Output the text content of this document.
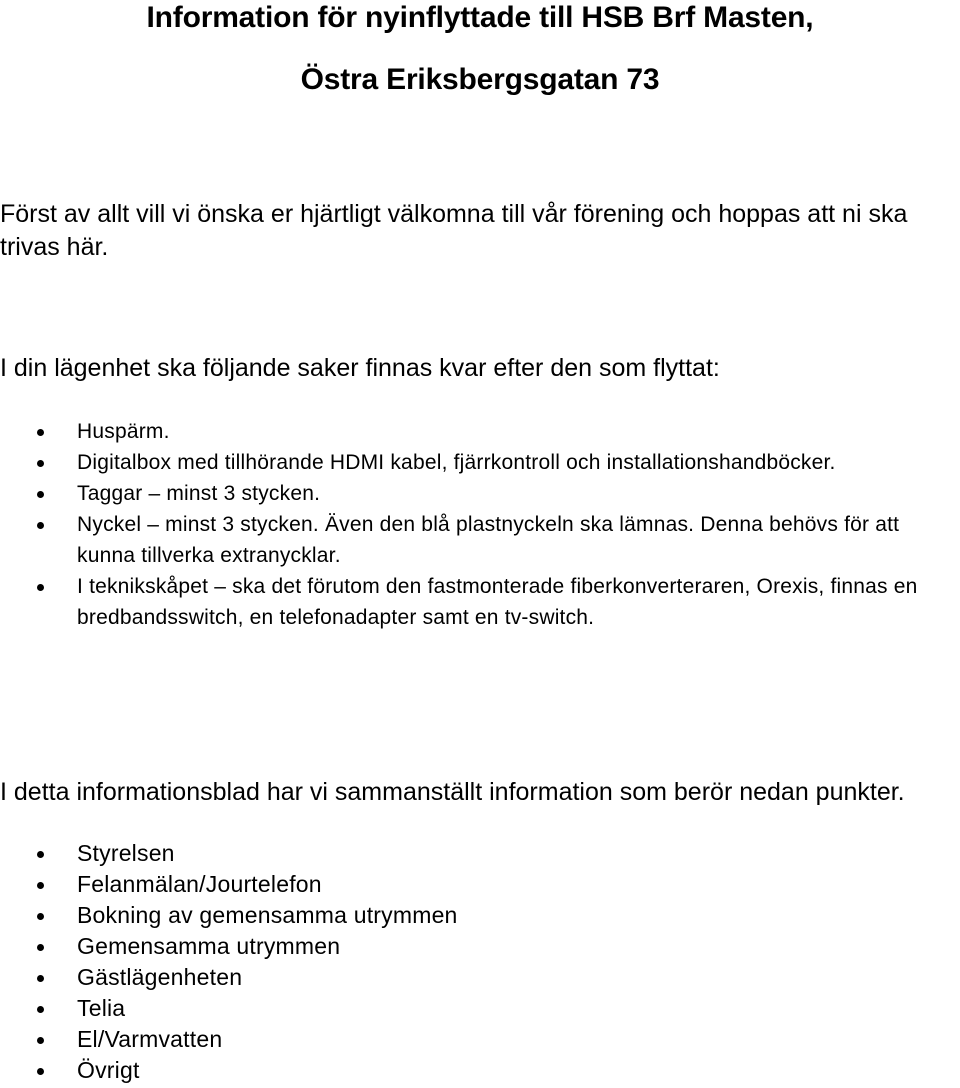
Information för nyinflyttade till HSB Brf Masten,
Östra Eriksbergsgatan 73

Först av allt vill vi önska er hjärtligt välkomna till vår förening och hoppas att ni ska trivas här.

I din lägenhet ska följande saker finnas kvar efter den som flyttat:

Huspärm.
Digitalbox med tillhörande HDMI kabel, fjärrkontroll och installationshandböcker.
Taggar – minst 3 stycken.
Nyckel – minst 3 stycken. Även den blå plastnyckeln ska lämnas. Denna behövs för att kunna tillverka extranycklar.
I teknikskåpet – ska det förutom den fastmonterade fiberkonverteraren, Orexis, finnas en bredbandsswitch, en telefonadapter samt en tv-switch.

I detta informationsblad har vi sammanställt information som berör nedan punkter.

Styrelsen
Felanmälan/Jourtelefon
Bokning av gemensamma utrymmen
Gemensamma utrymmen
Gästlägenheten
Telia
El/Varmvatten
Övrigt
